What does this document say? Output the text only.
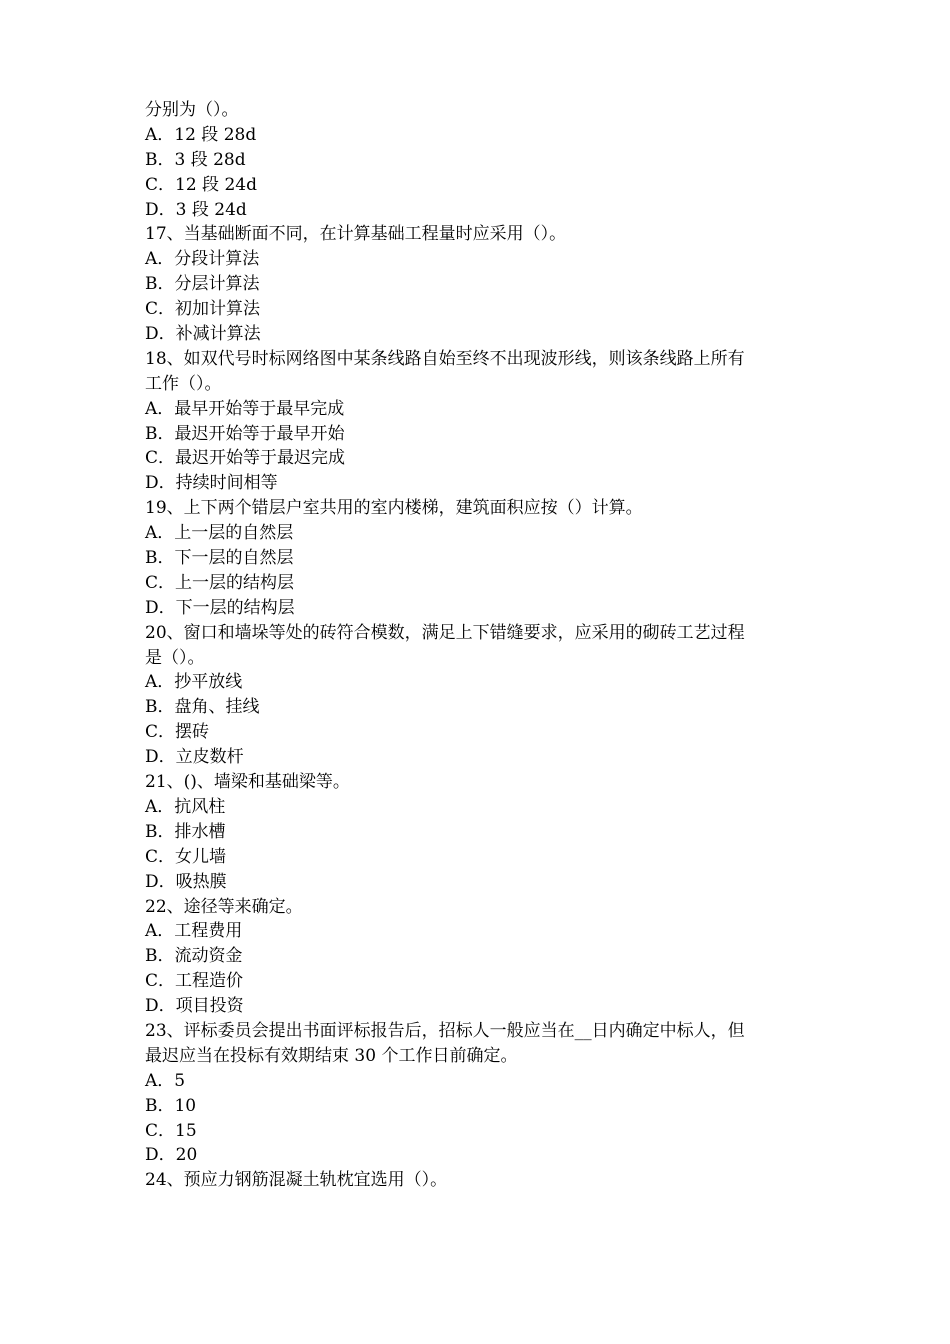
分别为（）。
A．12 段 28d
B．3 段 28d
C．12 段 24d
D．3 段 24d
17、当基础断面不同，在计算基础工程量时应采用（）。
A．分段计算法
B．分层计算法
C．初加计算法
D．补减计算法
18、如双代号时标网络图中某条线路自始至终不出现波形线，则该条线路上所有
工作（）。
A．最早开始等于最早完成
B．最迟开始等于最早开始
C．最迟开始等于最迟完成
D．持续时间相等
19、上下两个错层户室共用的室内楼梯，建筑面积应按（）计算。
A．上一层的自然层
B．下一层的自然层
C．上一层的结构层
D．下一层的结构层
20、窗口和墙垛等处的砖符合模数，满足上下错缝要求，应采用的砌砖工艺过程
是（）。
A．抄平放线
B．盘角、挂线
C．摆砖
D．立皮数杆
21、()、墙梁和基础梁等。
A．抗风柱
B．排水槽
C．女儿墙
D．吸热膜
22、途径等来确定。
A．工程费用
B．流动资金
C．工程造价
D．项目投资
23、评标委员会提出书面评标报告后，招标人一般应当在__日内确定中标人，但
最迟应当在投标有效期结束 30 个工作日前确定。
A．5
B．10
C．15
D．20
24、预应力钢筋混凝土轨枕宜选用（）。
